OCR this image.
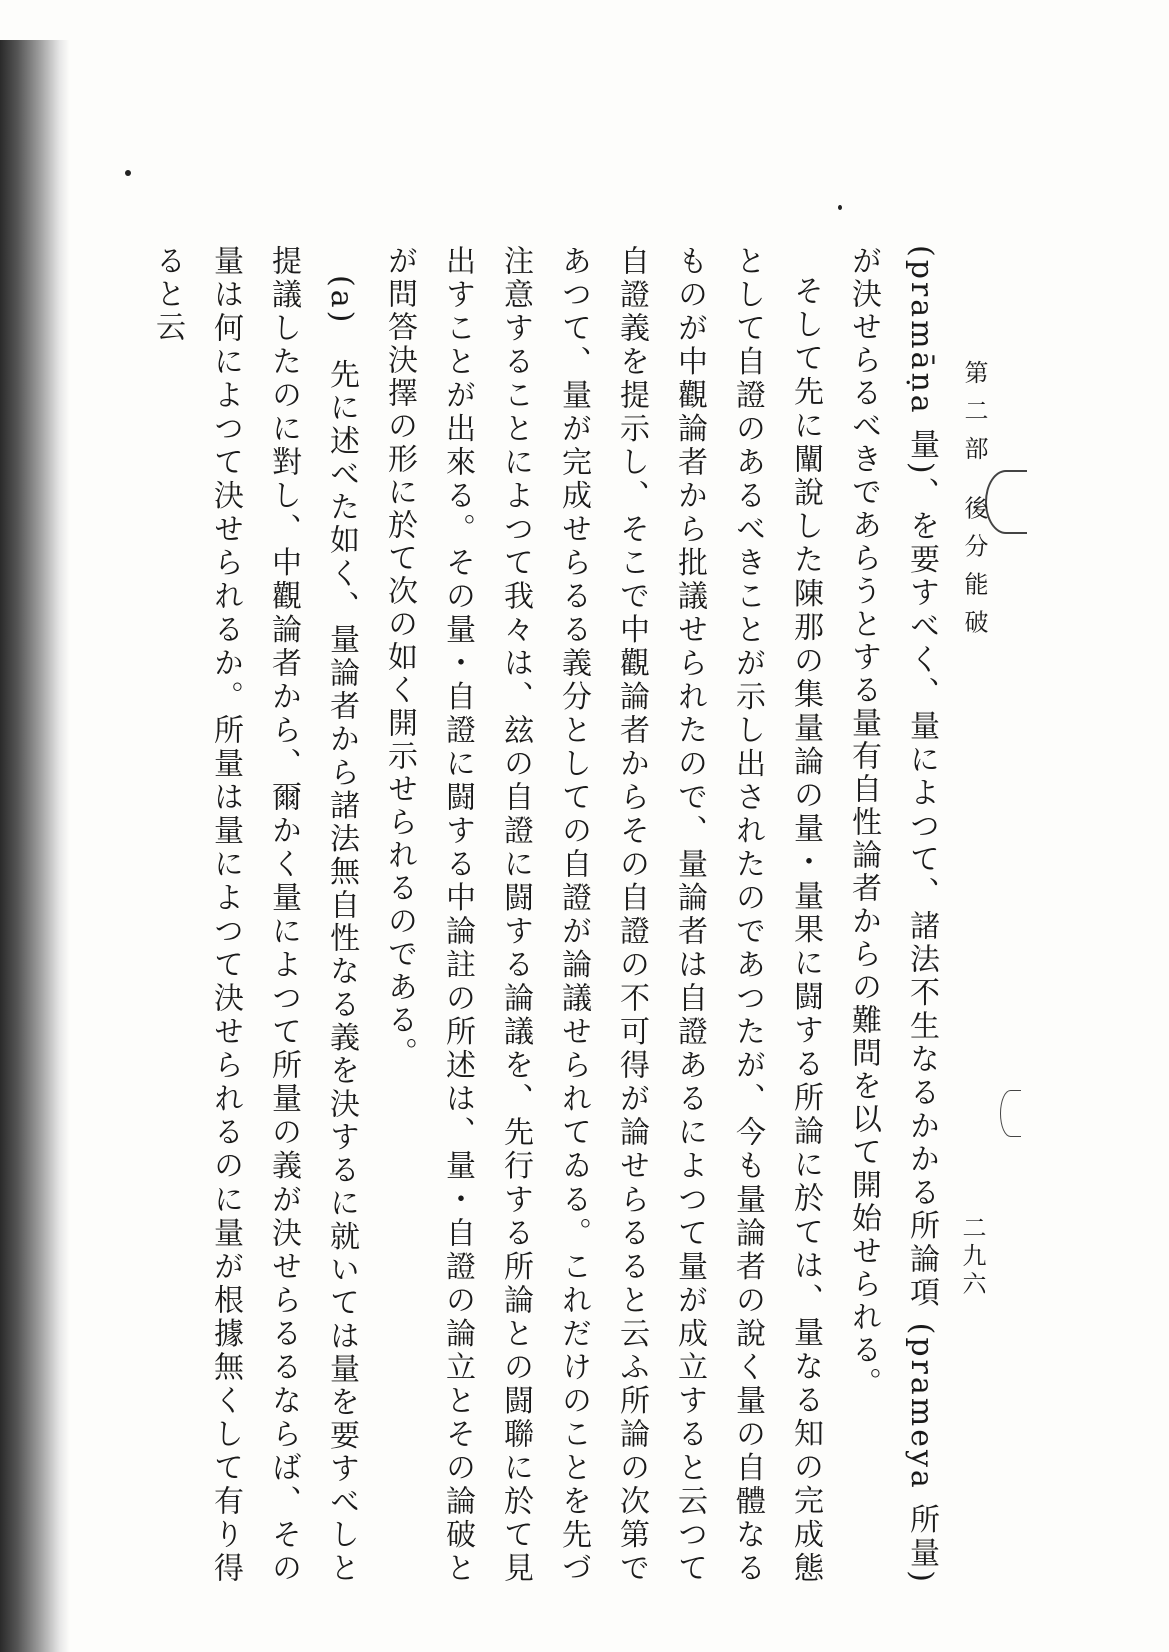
第二部 後分能破
二九六

(pramāṇa 量)、を要すべく、量によつて、諸法不生なるかかる所論項 (prameya 所量) が決せらるべきであらうとする量有自性論者からの難問を以て開始せられる。

そして先に闡說した陳那の集量論の量・量果に闘する所論に於ては、量なる知の完成態として自證のあるべきことが示し出されたのであつたが、今も量論者の說く量の自體なるものが中觀論者から批議せられたので、量論者は自證あるによつて量が成立すると云つて自證義を提示し、そこで中觀論者からその自證の不可得が論せらるると云ふ所論の次第であつて、量が完成せらるる義分としての自證が論議せられてゐる。これだけのことを先づ注意することによつて我々は、玆の自證に闘する論議を、先行する所論との闘聯に於て見出すことが出來る。その量・自證に闘する中論註の所述は、量・自證の論立とその論破とが問答決擇の形に於て次の如く開示せられるのである。

(a)　先に述べた如く、量論者から諸法無自性なる義を決するに就いては量を要すべしと提議したのに對し、中觀論者から、爾かく量によつて所量の義が決せらるるならば、その量は何によつて決せられるか。所量は量によつて決せられるのに量が根據無くして有り得ると云
